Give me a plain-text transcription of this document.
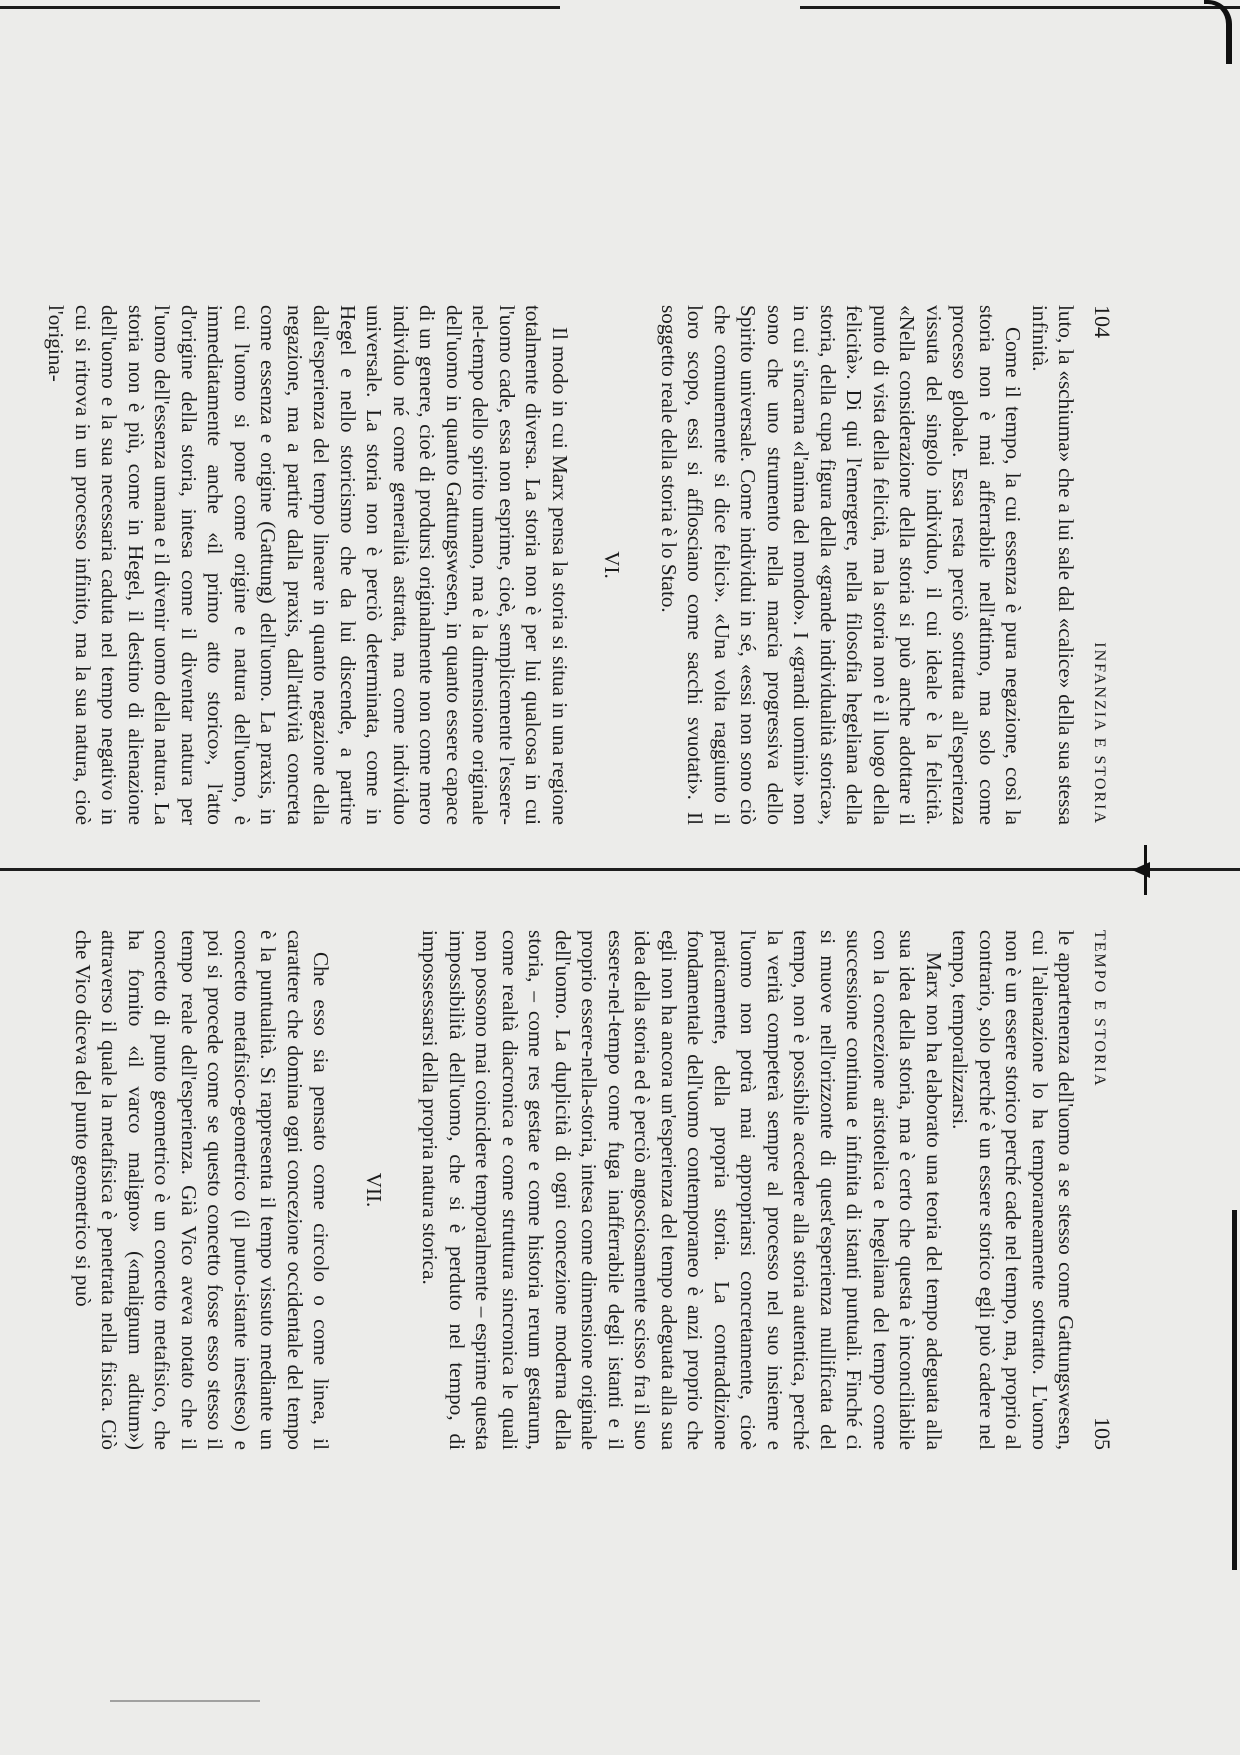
104
INFANZIA E STORIA

luto, la «schiuma» che a lui sale dal «calice» della sua stessa infinità.

Come il tempo, la cui essenza è pura negazione, così la storia non è mai afferrabile nell'attimo, ma solo come processo globale. Essa resta perciò sottratta all'esperienza vissuta del singolo individuo, il cui ideale è la felicità. «Nella considerazione della storia si può anche adottare il punto di vista della felicità, ma la storia non è il luogo della felicità». Di qui l'emergere, nella filosofia hegeliana della storia, della cupa figura della «grande individualità storica», in cui s'incarna «l'anima del mondo». I «grandi uomini» non sono che uno strumento nella marcia progressiva dello Spirito universale. Come individui in sé, «essi non sono ciò che comunemente si dice felici». «Una volta raggiunto il loro scopo, essi si afflosciano come sacchi svuotati». Il soggetto reale della storia è lo Stato.

VI.

Il modo in cui Marx pensa la storia si situa in una regione totalmente diversa. La storia non è per lui qualcosa in cui l'uomo cade, essa non esprime, cioè, semplicemente l'essere-nel-tempo dello spirito umano, ma è la dimensione originale dell'uomo in quanto Gattungswesen, in quanto essere capace di un genere, cioè di prodursi originalmente non come mero individuo né come generalità astratta, ma come individuo universale. La storia non è perciò determinata, come in Hegel e nello storicismo che da lui discende, a partire dall'esperienza del tempo lineare in quanto negazione della negazione, ma a partire dalla praxis, dall'attività concreta come essenza e origine (Gattung) dell'uomo. La praxis, in cui l'uomo si pone come origine e natura dell'uomo, è immediatamente anche «il primo atto storico», l'atto d'origine della storia, intesa come il diventar natura per l'uomo dell'essenza umana e il divenir uomo della natura. La storia non è più, come in Hegel, il destino di alienazione dell'uomo e la sua necessaria caduta nel tempo negativo in cui si ritrova in un processo infinito, ma la sua natura, cioè l'origina-

TEMPO E STORIA
105

le appartenenza dell'uomo a se stesso come Gattungswesen, cui l'alienazione lo ha temporaneamente sottratto. L'uomo non è un essere storico perché cade nel tempo, ma, proprio al contrario, solo perché è un essere storico egli può cadere nel tempo, temporalizzarsi.

Marx non ha elaborato una teoria del tempo adeguata alla sua idea della storia, ma è certo che questa è inconciliabile con la concezione aristotelica e hegeliana del tempo come successione continua e infinita di istanti puntuali. Finché ci si muove nell'orizzonte di quest'esperienza nullificata del tempo, non è possibile accedere alla storia autentica, perché la verità competerà sempre al processo nel suo insieme e l'uomo non potrà mai appropriarsi concretamente, cioè praticamente, della propria storia. La contraddizione fondamentale dell'uomo contemporaneo è anzi proprio che egli non ha ancora un'esperienza del tempo adeguata alla sua idea della storia ed è perciò angosciosamente scisso fra il suo essere-nel-tempo come fuga inafferrabile degli istanti e il proprio essere-nella-storia, intesa come dimensione originale dell'uomo. La duplicità di ogni concezione moderna della storia, – come res gestae e come historia rerum gestarum, come realtà diacronica e come struttura sincronica le quali non possono mai coincidere temporalmente – esprime questa impossibilità dell'uomo, che si è perduto nel tempo, di impossessarsi della propria natura storica.

VII.

Che esso sia pensato come circolo o come linea, il carattere che domina ogni concezione occidentale del tempo è la puntualità. Si rappresenta il tempo vissuto mediante un concetto metafisico-geometrico (il punto-istante inesteso) e poi si procede come se questo concetto fosse esso stesso il tempo reale dell'esperienza. Già Vico aveva notato che il concetto di punto geometrico è un concetto metafisico, che ha fornito «il varco maligno» («malignum aditum») attraverso il quale la metafisica è penetrata nella fisica. Ciò che Vico diceva del punto geometrico si può
